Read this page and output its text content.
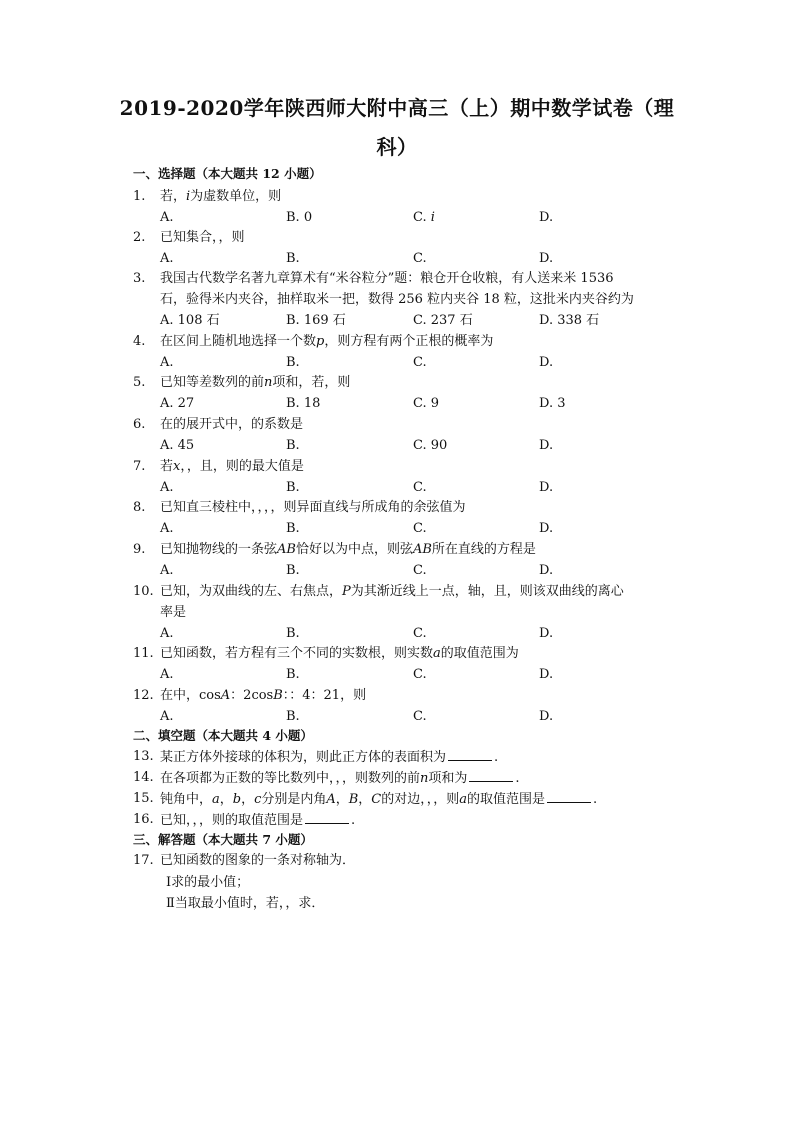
2019-2020学年陕西师大附中高三（上）期中数学试卷（理
科）
一、选择题（本大题共 12 小题）
1. 若，𝑖为虚数单位，则
A.	B. 0	C. 𝑖	D.
2. 已知集合，，则
A.	B.	C.	D.
3. 我国古代数学名著九章算术有“米谷粒分”题：粮仓开仓收粮，有人送来米 1536
石，验得米内夹谷，抽样取米一把，数得 256 粒内夹谷 18 粒，这批米内夹谷约为
A. 108 石	B. 169 石	C. 237 石	D. 338 石
4. 在区间上随机地选择一个数𝑝，则方程有两个正根的概率为
A.	B.	C.	D.
5. 已知等差数列的前𝑛项和，若，则
A. 27	B. 18	C. 9	D. 3
6. 在的展开式中，的系数是
A. 45	B.	C. 90	D.
7. 若𝑥，，且，则的最大值是
A.	B.	C.	D.
8. 已知直三棱柱中，，，，则异面直线与所成角的余弦值为
A.	B.	C.	D.
9. 已知抛物线的一条弦𝐴𝐵恰好以为中点，则弦𝐴𝐵所在直线的方程是
A.	B.	C.	D.
10. 已知，为双曲线的左、右焦点，𝑃为其渐近线上一点，轴，且，则该双曲线的离心
率是
A.	B.	C.	D.
11. 已知函数，若方程有三个不同的实数根，则实数𝑎的取值范围为
A.	B.	C.	D.
12. 在中，cos𝐴：2cos𝐵：：4：21，则
A.	B.	C.	D.
二、填空题（本大题共 4 小题）
13. 某正方体外接球的体积为，则此正方体的表面积为	.
14. 在各项都为正数的等比数列中，，，则数列的前𝑛项和为	.
15. 钝角中，𝑎，𝑏，𝑐分别是内角𝐴，𝐵，𝐶的对边，，，则𝑎的取值范围是	.
16. 已知，，，则的取值范围是	.
三、解答题（本大题共 7 小题）
17. 已知函数的图象的一条对称轴为．
Ⅰ求的最小值；
Ⅱ当取最小值时，若，，求．
